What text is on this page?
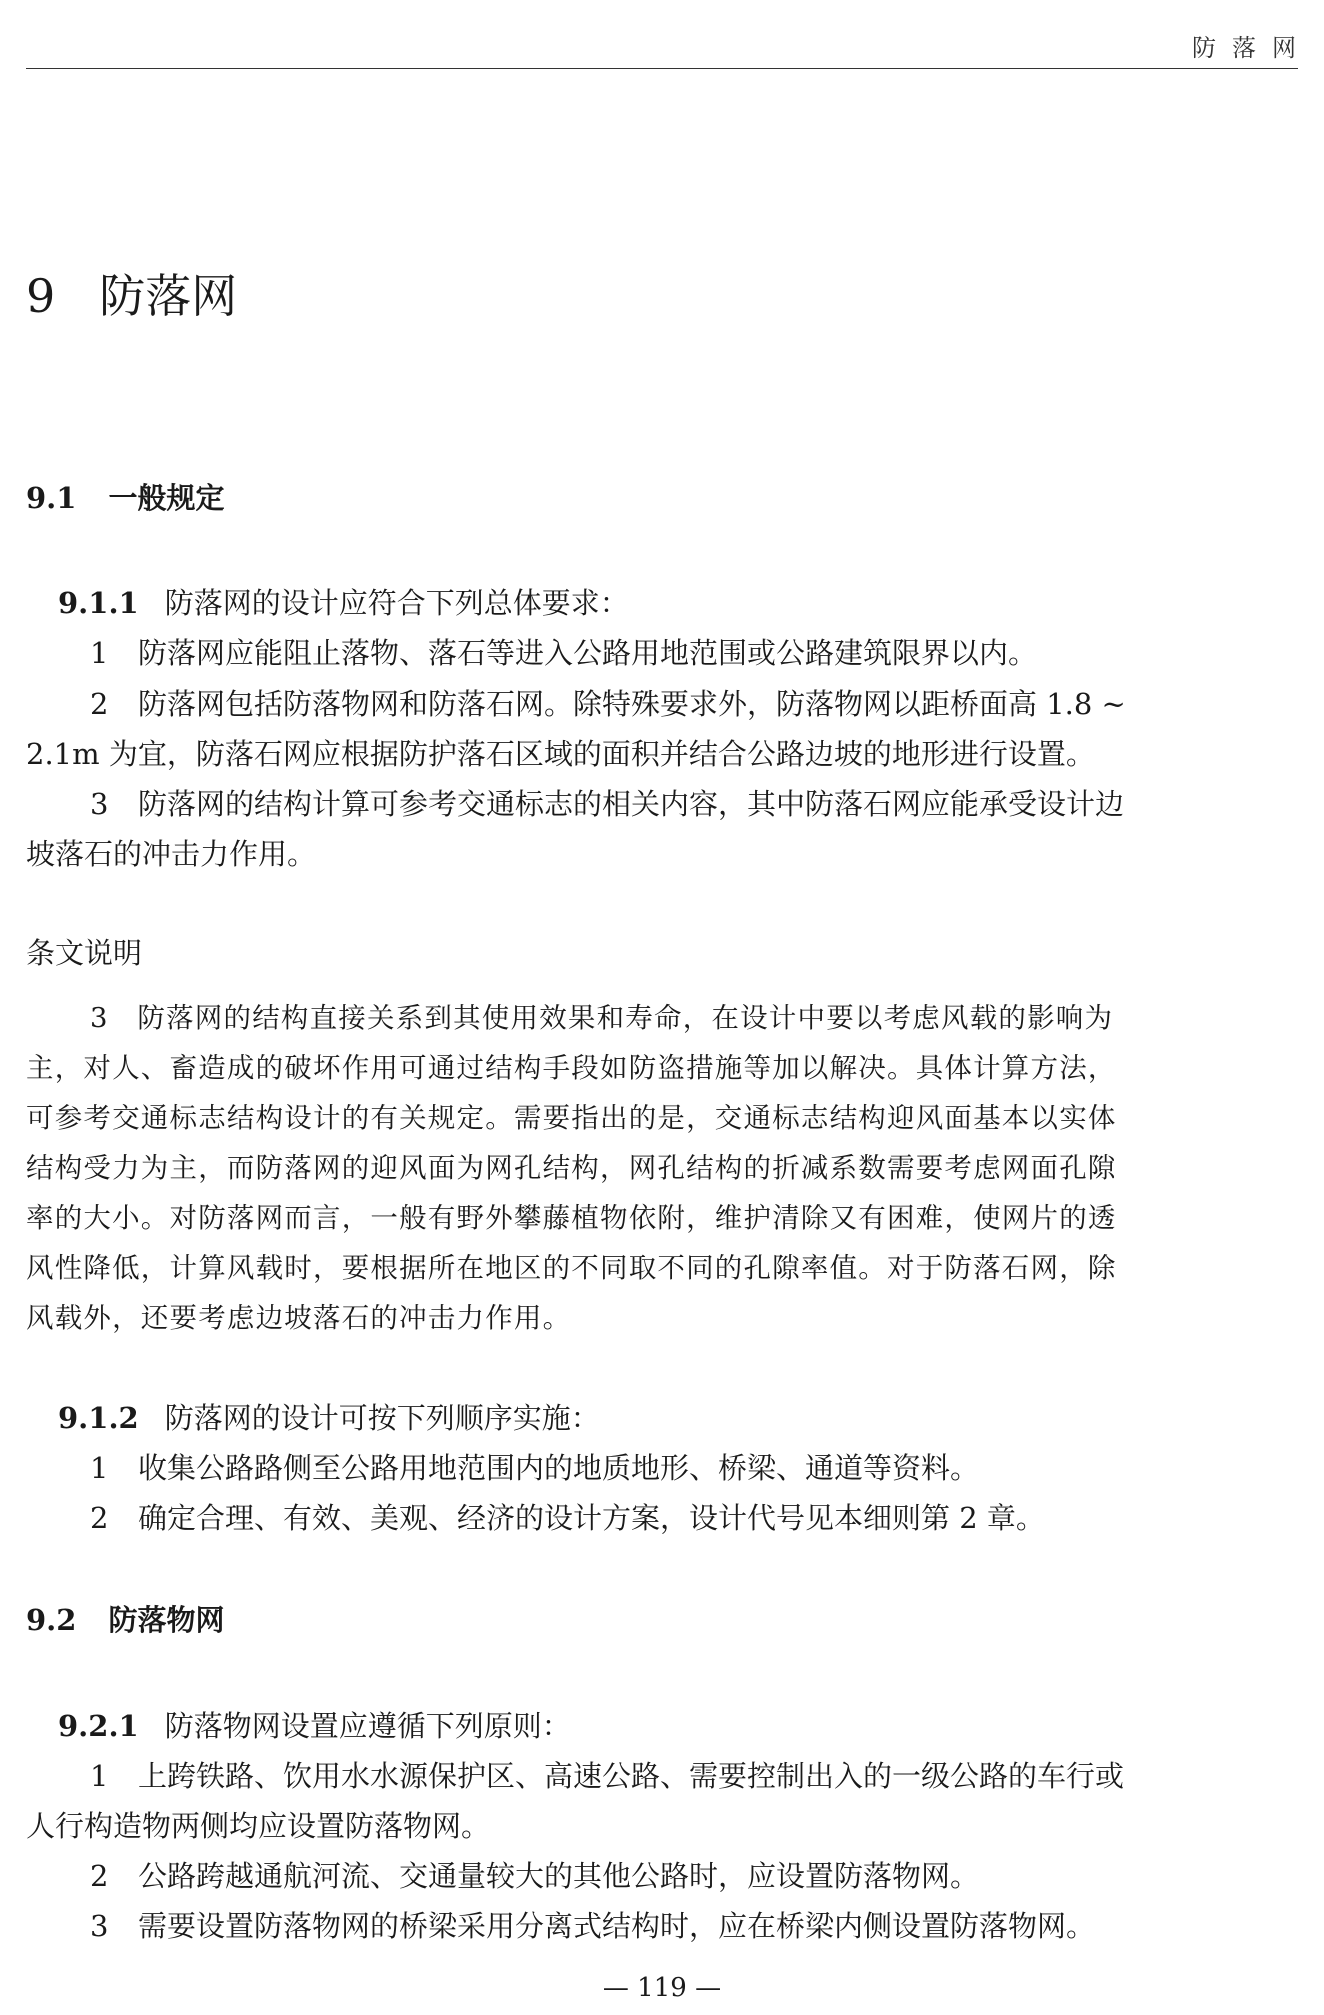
防落网
9 防落网
9.1 一般规定
9.1.1 防落网的设计应符合下列总体要求：
1 防落网应能阻止落物、落石等进入公路用地范围或公路建筑限界以内。
2 防落网包括防落物网和防落石网。除特殊要求外，防落物网以距桥面高 1.8 ~
2.1m 为宜，防落石网应根据防护落石区域的面积并结合公路边坡的地形进行设置。
3 防落网的结构计算可参考交通标志的相关内容，其中防落石网应能承受设计边
坡落石的冲击力作用。
条文说明
3　防落网的结构直接关系到其使用效果和寿命，在设计中要以考虑风载的影响为
主，对人、畜造成的破坏作用可通过结构手段如防盗措施等加以解决。具体计算方法，
可参考交通标志结构设计的有关规定。需要指出的是，交通标志结构迎风面基本以实体
结构受力为主，而防落网的迎风面为网孔结构，网孔结构的折减系数需要考虑网面孔隙
率的大小。对防落网而言，一般有野外攀藤植物依附，维护清除又有困难，使网片的透
风性降低，计算风载时，要根据所在地区的不同取不同的孔隙率值。对于防落石网，除
风载外，还要考虑边坡落石的冲击力作用。
9.1.2 防落网的设计可按下列顺序实施：
1 收集公路路侧至公路用地范围内的地质地形、桥梁、通道等资料。
2 确定合理、有效、美观、经济的设计方案，设计代号见本细则第 2 章。
9.2 防落物网
9.2.1 防落物网设置应遵循下列原则：
1 上跨铁路、饮用水水源保护区、高速公路、需要控制出入的一级公路的车行或
人行构造物两侧均应设置防落物网。
2 公路跨越通航河流、交通量较大的其他公路时，应设置防落物网。
3 需要设置防落物网的桥梁采用分离式结构时，应在桥梁内侧设置防落物网。
— 119 —
